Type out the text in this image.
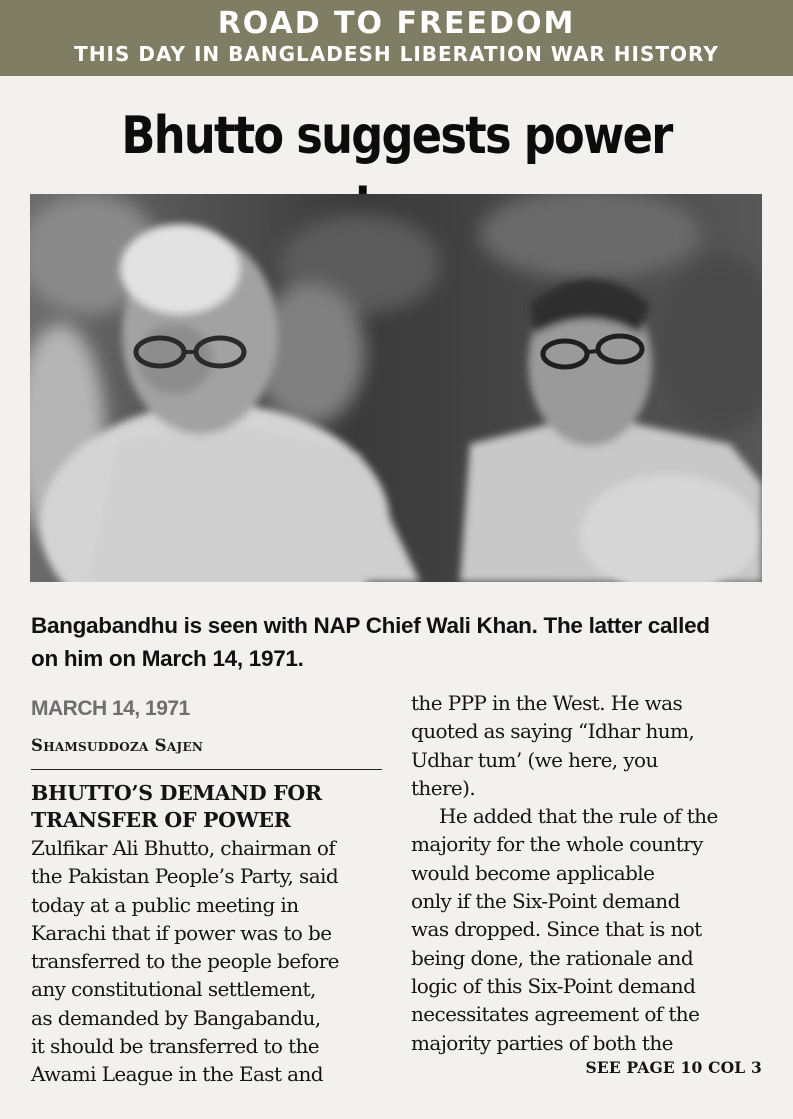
ROAD TO FREEDOM
THIS DAY IN BANGLADESH LIBERATION WAR HISTORY
Bhutto suggests power
Bangabandhu is seen with NAP Chief Wali Khan. The latter called
on him on March 14, 1971.
MARCH 14, 1971
Shamsuddoza Sajen
BHUTTO’S DEMAND FOR
TRANSFER OF POWER
Zulfikar Ali Bhutto, chairman of
the Pakistan People’s Party, said
today at a public meeting in
Karachi that if power was to be
transferred to the people before
any constitutional settlement,
as demanded by Bangabandu,
it should be transferred to the
Awami League in the East and
the PPP in the West. He was
quoted as saying “Idhar hum,
Udhar tum’ (we here, you
there).
He added that the rule of the
majority for the whole country
would become applicable
only if the Six-Point demand
was dropped. Since that is not
being done, the rationale and
logic of this Six-Point demand
necessitates agreement of the
majority parties of both the
SEE PAGE 10 COL 3
